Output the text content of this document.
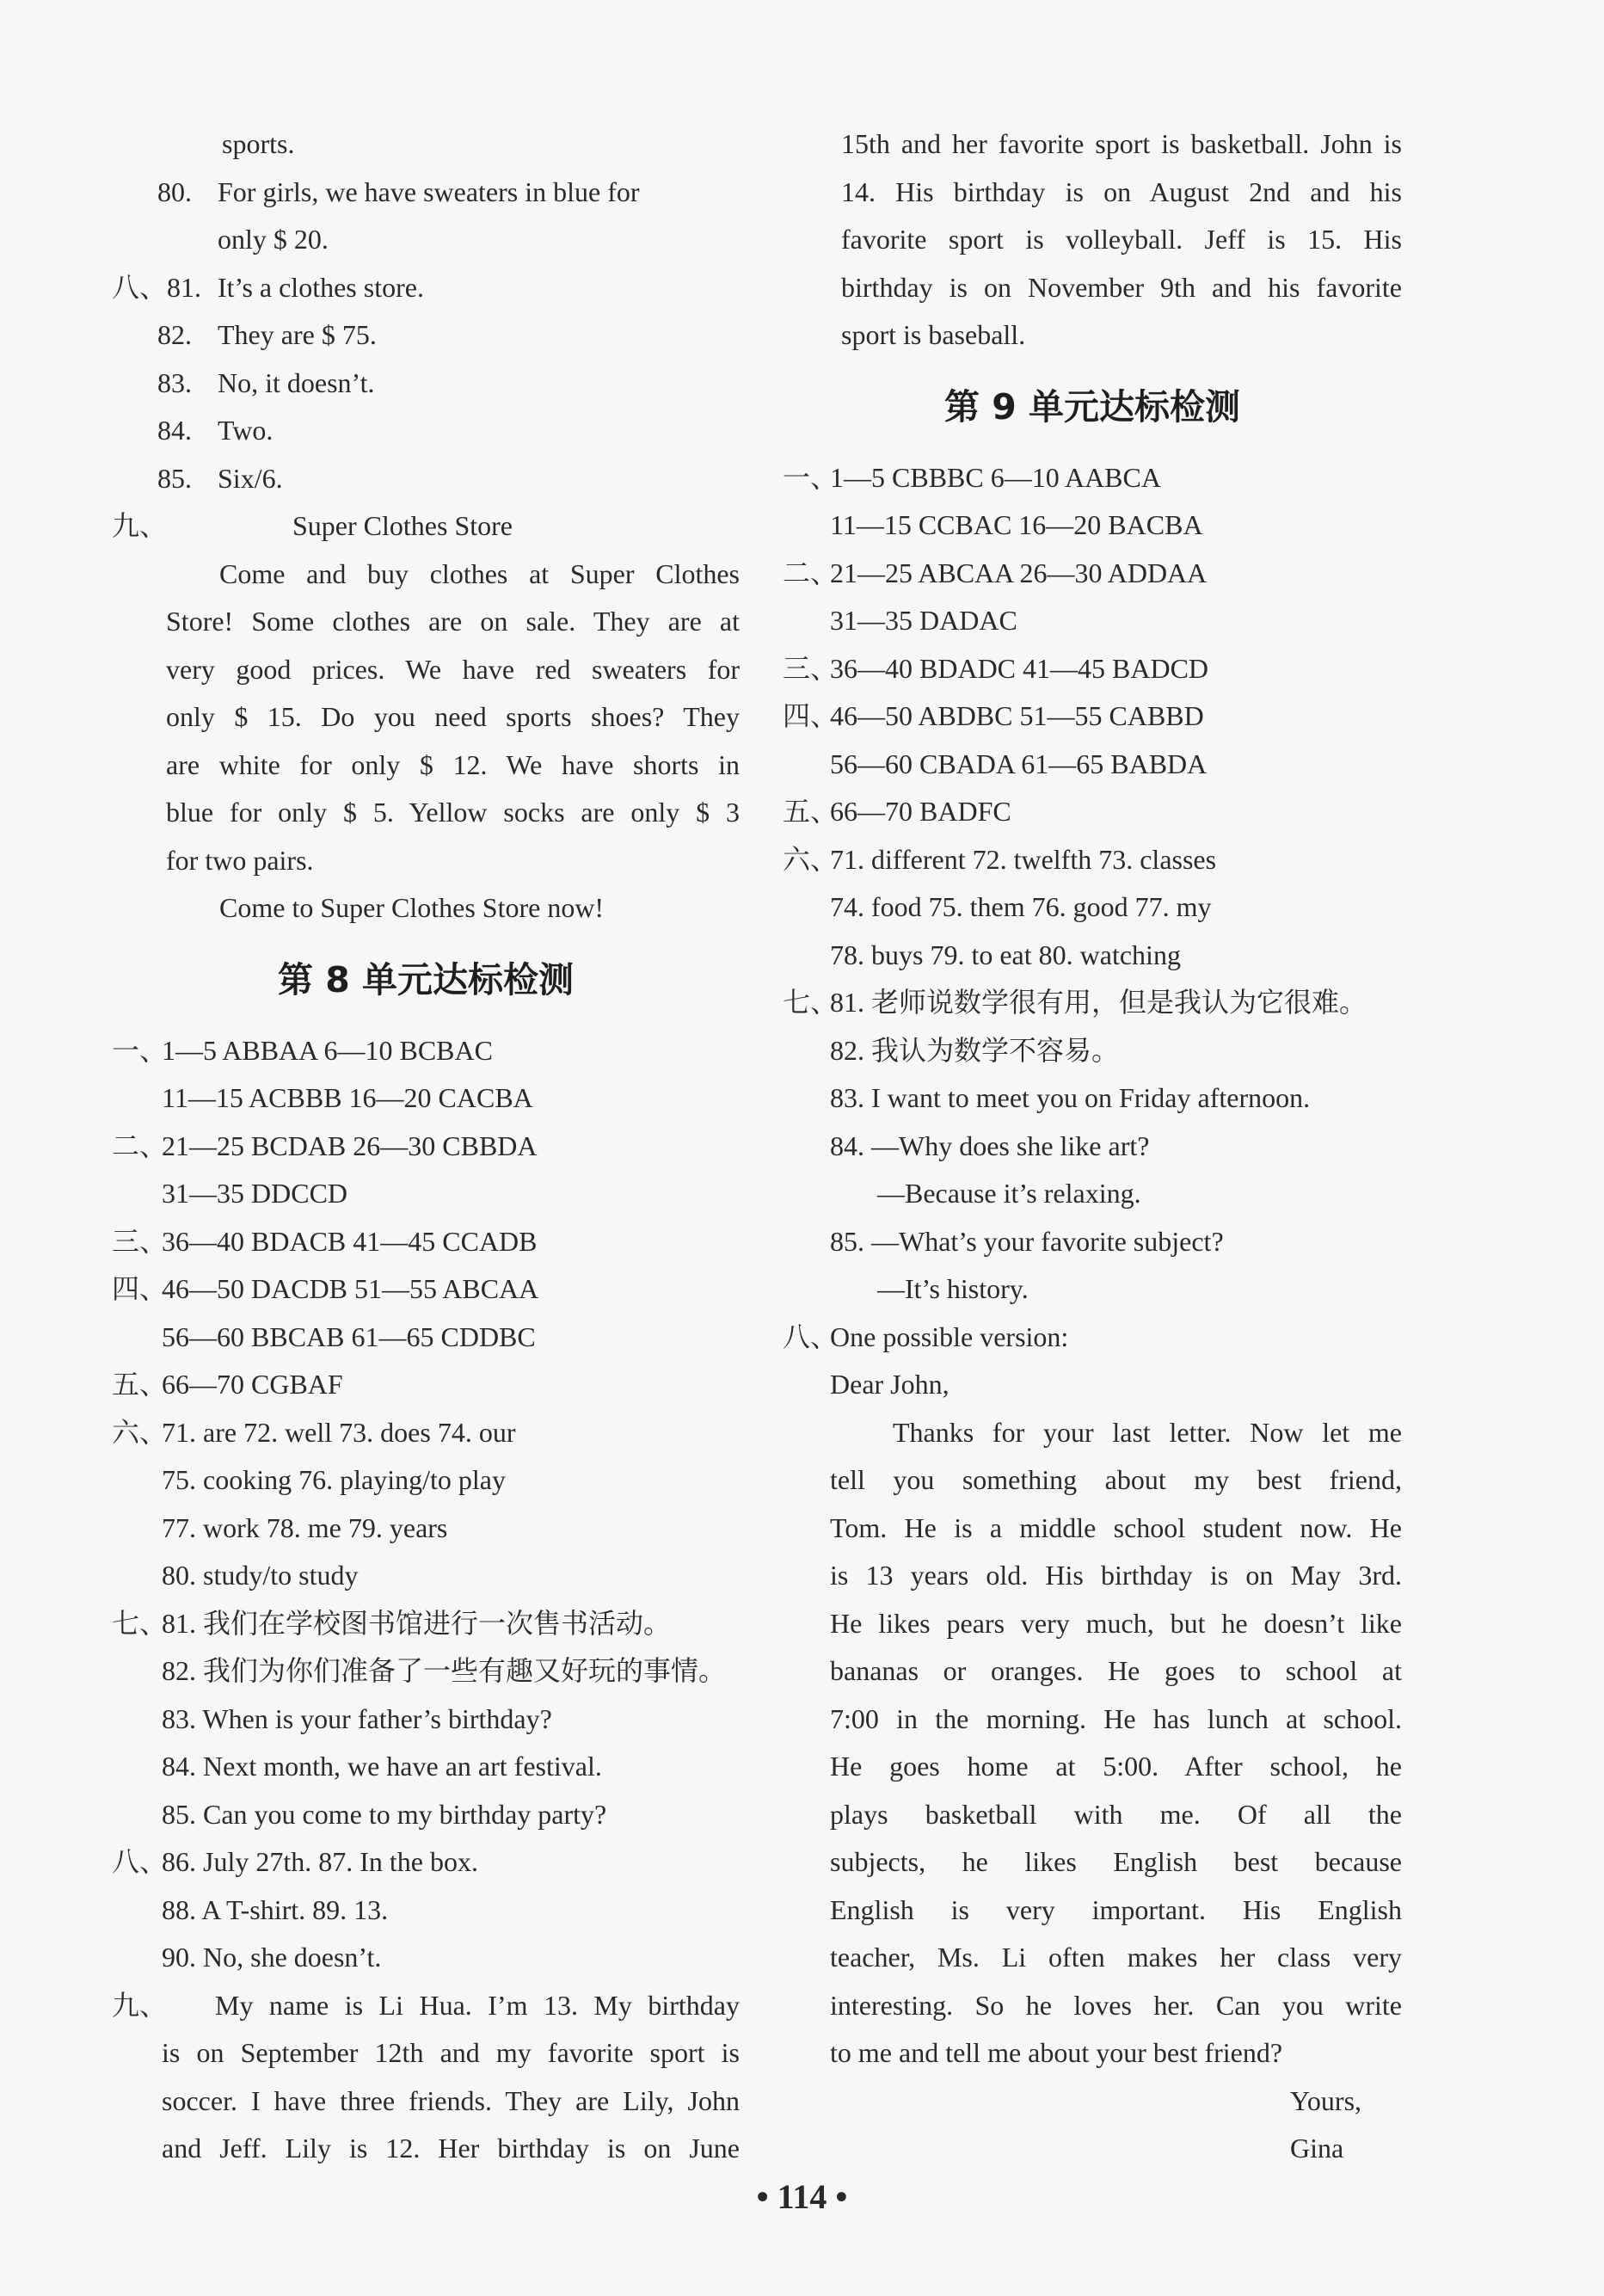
sports.
80. For girls, we have sweaters in blue for
only $ 20.
八、81. It’s a clothes store.
82. They are $ 75.
83. No, it doesn’t.
84. Two.
85. Six/6.
九、	Super Clothes Store
Come and buy clothes at Super Clothes
Store! Some clothes are on sale. They are at
very good prices. We have red sweaters for
only $ 15. Do you need sports shoes? They
are white for only $ 12. We have shorts in
blue for only $ 5. Yellow socks are only $ 3
for two pairs.
Come to Super Clothes Store now!
第 8 单元达标检测
一、
1—5 ABBAA 6—10 BCBAC
11—15 ACBBB 16—20 CACBA
二、
21—25 BCDAB 26—30 CBBDA
31—35 DDCCD
三、
36—40 BDACB 41—45 CCADB
四、
46—50 DACDB 51—55 ABCAA
56—60 BBCAB 61—65 CDDBC
五、
66—70 CGBAF
六、
71. are 72. well 73. does 74. our
75. cooking 76. playing/to play
77. work 78. me 79. years
80. study/to study
七、
81. 我们在学校图书馆进行一次售书活动。
82. 我们为你们准备了一些有趣又好玩的事情。
83. When is your father’s birthday?
84. Next month, we have an art festival.
85. Can you come to my birthday party?
八、
86. July 27th. 87. In the box.
88. A T-shirt. 89. 13.
90. No, she doesn’t.
九、 My name is Li Hua. I’m 13. My birthday
is on September 12th and my favorite sport is
soccer. I have three friends. They are Lily, John
and Jeff. Lily is 12. Her birthday is on June
15th and her favorite sport is basketball. John is
14. His birthday is on August 2nd and his
favorite sport is volleyball. Jeff is 15. His
birthday is on November 9th and his favorite
sport is baseball.
第 9 单元达标检测
一、
1—5 CBBBC 6—10 AABCA
11—15 CCBAC 16—20 BACBA
二、
21—25 ABCAA 26—30 ADDAA
31—35 DADAC
三、
36—40 BDADC 41—45 BADCD
四、
46—50 ABDBC 51—55 CABBD
56—60 CBADA 61—65 BABDA
五、
66—70 BADFC
六、
71. different 72. twelfth 73. classes
74. food 75. them 76. good 77. my
78. buys 79. to eat 80. watching
七、
81. 老师说数学很有用，但是我认为它很难。
82. 我认为数学不容易。
83. I want to meet you on Friday afternoon.
84. —Why does she like art?
—Because it’s relaxing.
85. —What’s your favorite subject?
—It’s history.
八、
One possible version:
Dear John,
Thanks for your last letter. Now let me
tell you something about my best friend,
Tom. He is a middle school student now. He
is 13 years old. His birthday is on May 3rd.
He likes pears very much, but he doesn’t like
bananas or oranges. He goes to school at
7:00 in the morning. He has lunch at school.
He goes home at 5:00. After school, he
plays basketball with me. Of all the
subjects, he likes English best because
English is very important. His English
teacher, Ms. Li often makes her class very
interesting. So he loves her. Can you write
to me and tell me about your best friend?
Yours,
Gina
• 114 •
